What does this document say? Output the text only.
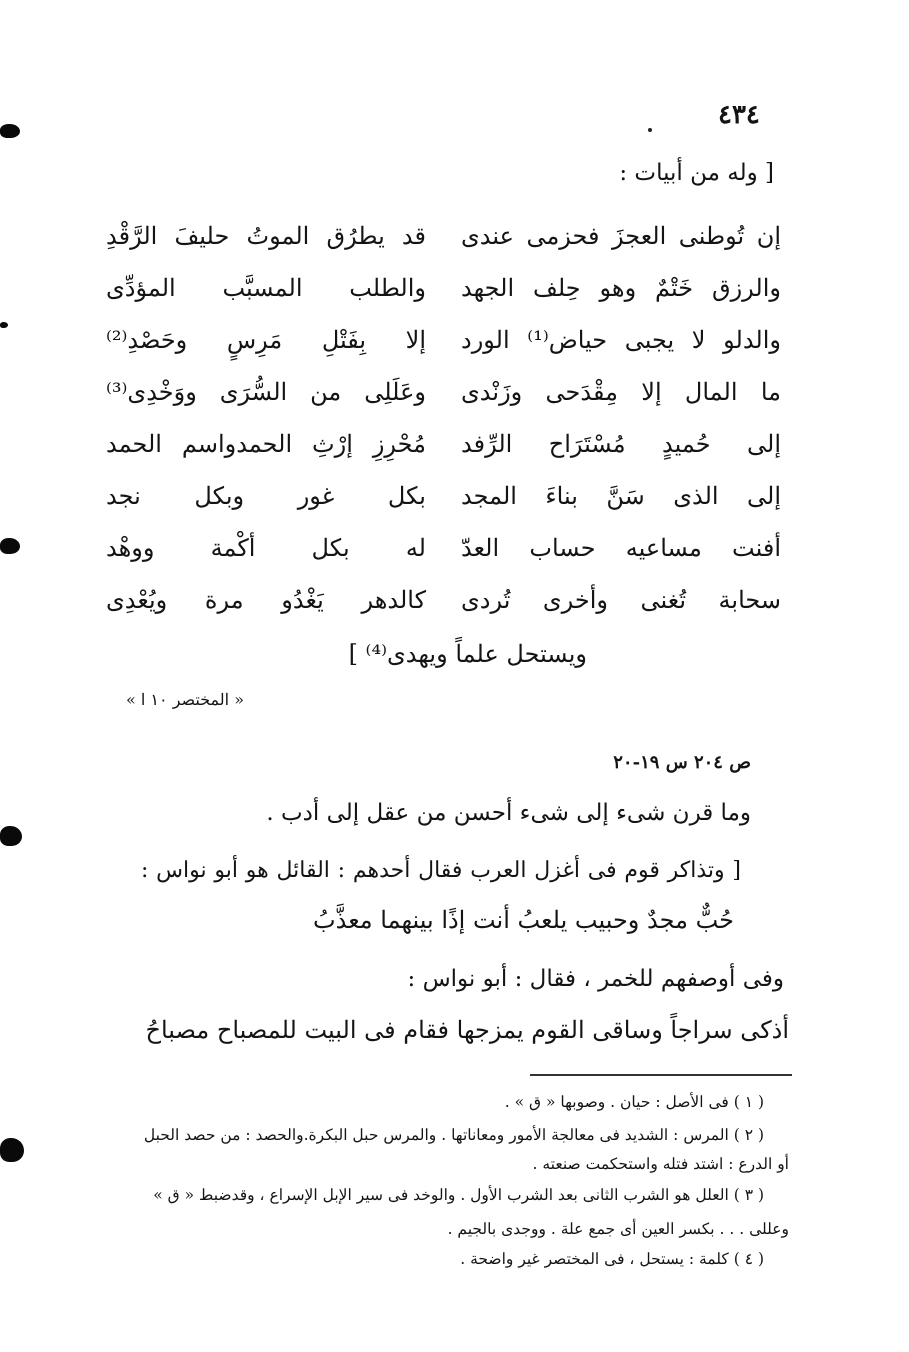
٤٣٤
[ وله من أبيات :
إن تُوطنى العجزَ فحزمى عندى
قد يطرُق الموتُ حليفَ الرَّقْدِ
والرزق خَتْمٌ وهو حِلف الجهد
والطلب المسبَّب المؤدِّى
والدلو لا يجبى حياض⁽¹⁾ الورد
إلا بِفَتْلِ مَرِسٍ وحَصْدِ⁽²⁾
ما المال إلا مِقْدَحى وزَنْدى
وعَلَلِى من السُّرَى ووَخْدِى⁽³⁾
إلى حُميدٍ مُسْتَرَاح الرِّفد
مُحْرِزِ إرْثِ الحمدواسم الحمد
إلى الذى سَنَّ بناءَ المجد
بكل غور وبكل نجد
أفنت مساعيه حساب العدّ
له بكل أكْمة ووهْد
سحابة تُغنى وأخرى تُردى
كالدهر يَغْدُو مرة ويُعْدِى
ويستحل علماً ويهدى⁽⁴⁾ ]
« المختصر ١٠ ا »
ص ٢٠٤ س ١٩-٢٠
وما قرن شىء إلى شىء أحسن من عقل إلى أدب .
[ وتذاكر قوم فى أغزل العرب فقال أحدهم : القائل هو أبو نواس :
حُبٌّ مجدٌ وحبيب يلعبُ أنت إذًا بينهما معذَّبُ
وفى أوصفهم للخمر ، فقال : أبو نواس :
أذكى سراجاً وساقى القوم يمزجها فقام فى البيت للمصباح مصباحُ
( ١ ) فى الأصل : حيان . وصوبها « ق » .
( ٢ ) المرس : الشديد فى معالجة الأمور ومعاناتها . والمرس حبل البكرة.والحصد : من حصد الحبل
أو الدرع : اشتد فتله واستحكمت صنعته .
( ٣ ) العلل هو الشرب الثانى بعد الشرب الأول . والوخد فى سير الإبل الإسراع ، وقدضبط « ق »
وعللى . . . بكسر العين أى جمع علة . ووجدى بالجيم .
( ٤ ) كلمة : يستحل ، فى المختصر غير واضحة .
